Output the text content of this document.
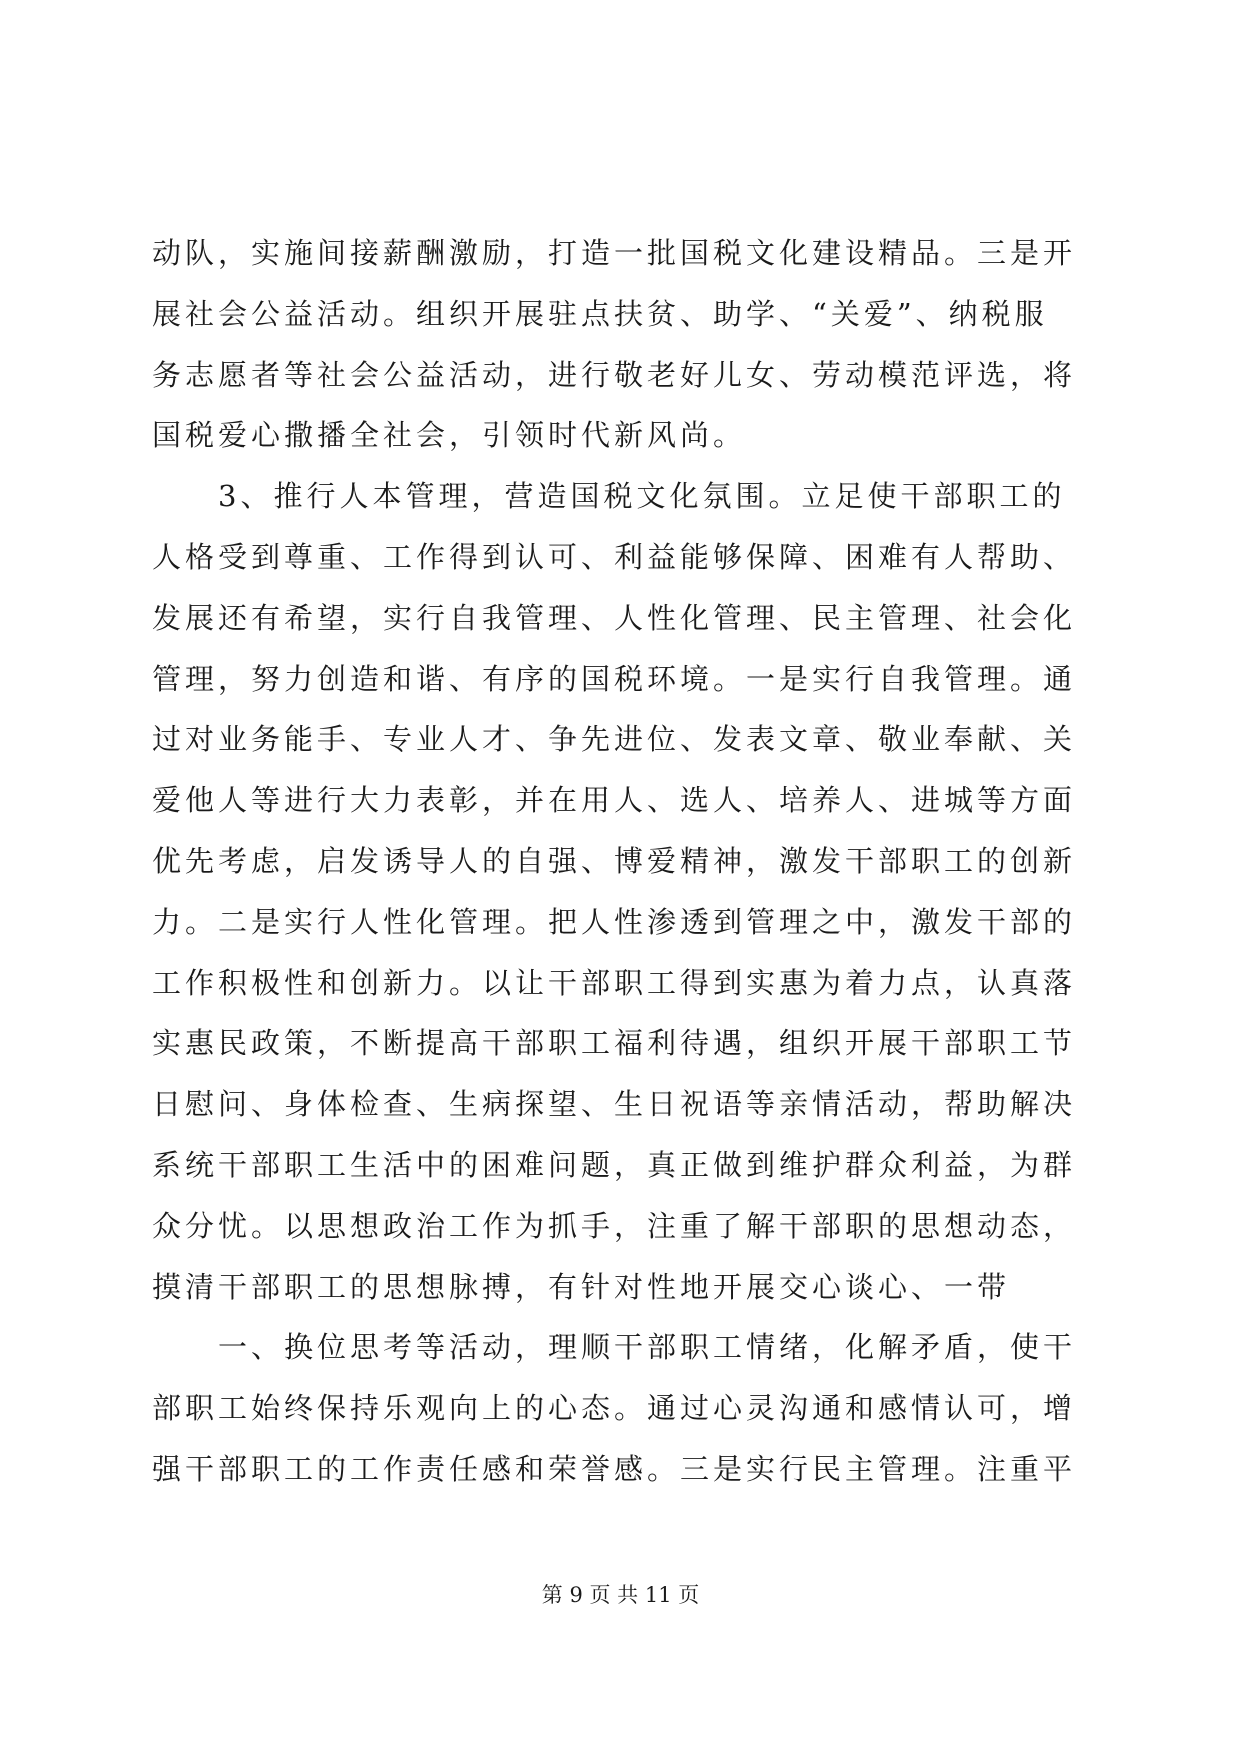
动队，实施间接薪酬激励，打造一批国税文化建设精品。三是开
展社会公益活动。组织开展驻点扶贫、助学、“关爱”、纳税服
务志愿者等社会公益活动，进行敬老好儿女、劳动模范评选，将
国税爱心撒播全社会，引领时代新风尚。
　　3、推行人本管理，营造国税文化氛围。立足使干部职工的
人格受到尊重、工作得到认可、利益能够保障、困难有人帮助、
发展还有希望，实行自我管理、人性化管理、民主管理、社会化
管理，努力创造和谐、有序的国税环境。一是实行自我管理。通
过对业务能手、专业人才、争先进位、发表文章、敬业奉献、关
爱他人等进行大力表彰，并在用人、选人、培养人、进城等方面
优先考虑，启发诱导人的自强、博爱精神，激发干部职工的创新
力。二是实行人性化管理。把人性渗透到管理之中，激发干部的
工作积极性和创新力。以让干部职工得到实惠为着力点，认真落
实惠民政策，不断提高干部职工福利待遇，组织开展干部职工节
日慰问、身体检查、生病探望、生日祝语等亲情活动，帮助解决
系统干部职工生活中的困难问题，真正做到维护群众利益，为群
众分忧。以思想政治工作为抓手，注重了解干部职的思想动态，
摸清干部职工的思想脉搏，有针对性地开展交心谈心、一带
　　一、换位思考等活动，理顺干部职工情绪，化解矛盾，使干
部职工始终保持乐观向上的心态。通过心灵沟通和感情认可，增
强干部职工的工作责任感和荣誉感。三是实行民主管理。注重平
第 9 页 共 11 页
